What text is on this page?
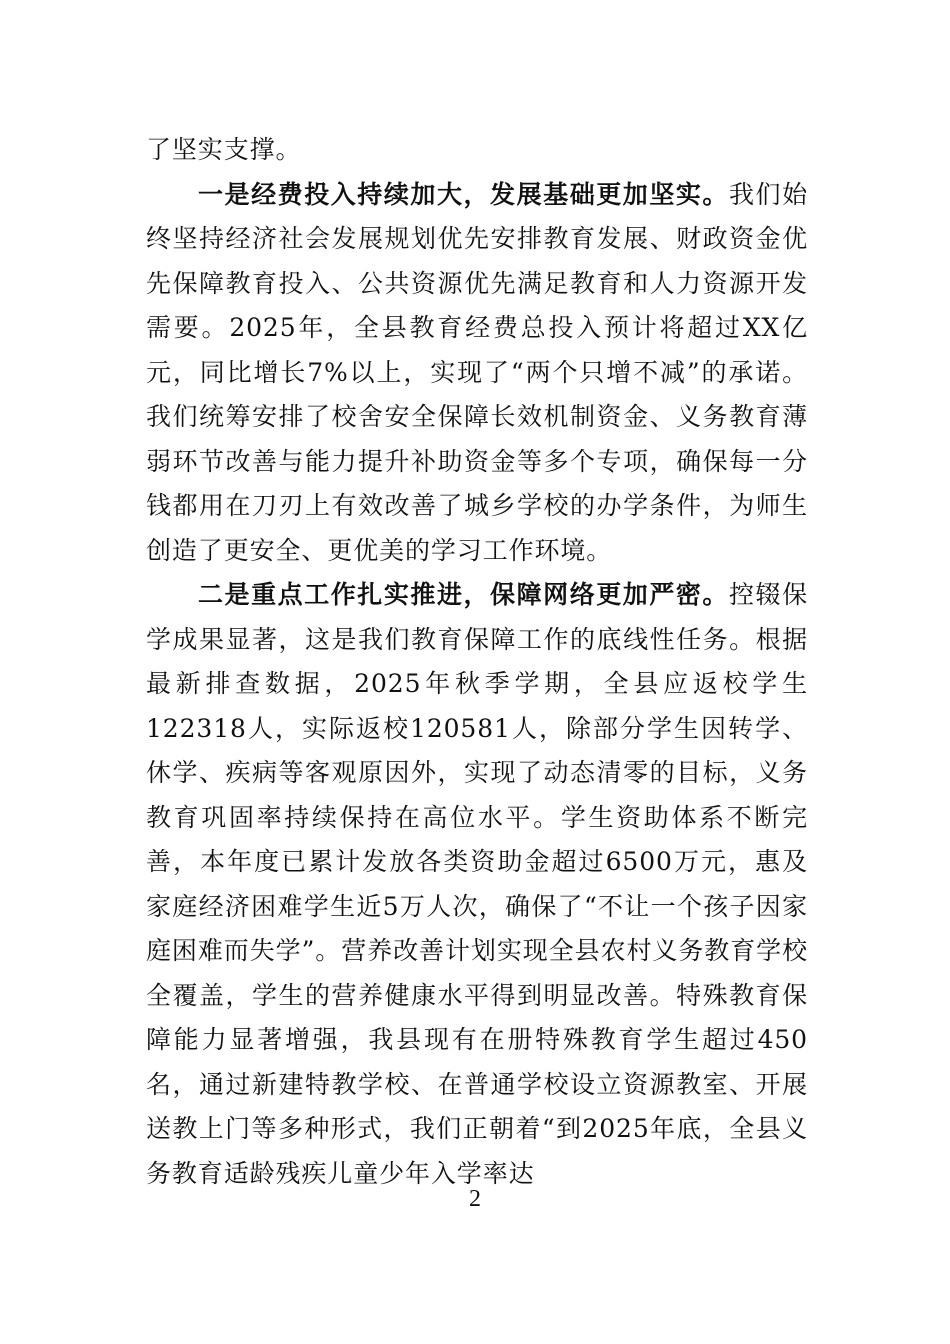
了坚实支撑。

一是经费投入持续加大，发展基础更加坚实。我们始终坚持经济社会发展规划优先安排教育发展、财政资金优先保障教育投入、公共资源优先满足教育和人力资源开发需要。2025年，全县教育经费总投入预计将超过XX亿元，同比增长7%以上，实现了“两个只增不减”的承诺。我们统筹安排了校舍安全保障长效机制资金、义务教育薄弱环节改善与能力提升补助资金等多个专项，确保每一分钱都用在刀刃上有效改善了城乡学校的办学条件，为师生创造了更安全、更优美的学习工作环境。

二是重点工作扎实推进，保障网络更加严密。控辍保学成果显著，这是我们教育保障工作的底线性任务。根据最新排查数据，2025年秋季学期，全县应返校学生122318人，实际返校120581人，除部分学生因转学、休学、疾病等客观原因外，实现了动态清零的目标，义务教育巩固率持续保持在高位水平。学生资助体系不断完善，本年度已累计发放各类资助金超过6500万元，惠及家庭经济困难学生近5万人次，确保了“不让一个孩子因家庭困难而失学”。营养改善计划实现全县农村义务教育学校全覆盖，学生的营养健康水平得到明显改善。特殊教育保障能力显著增强，我县现有在册特殊教育学生超过450名，通过新建特教学校、在普通学校设立资源教室、开展送教上门等多种形式，我们正朝着“到2025年底，全县义务教育适龄残疾儿童少年入学率达

2
